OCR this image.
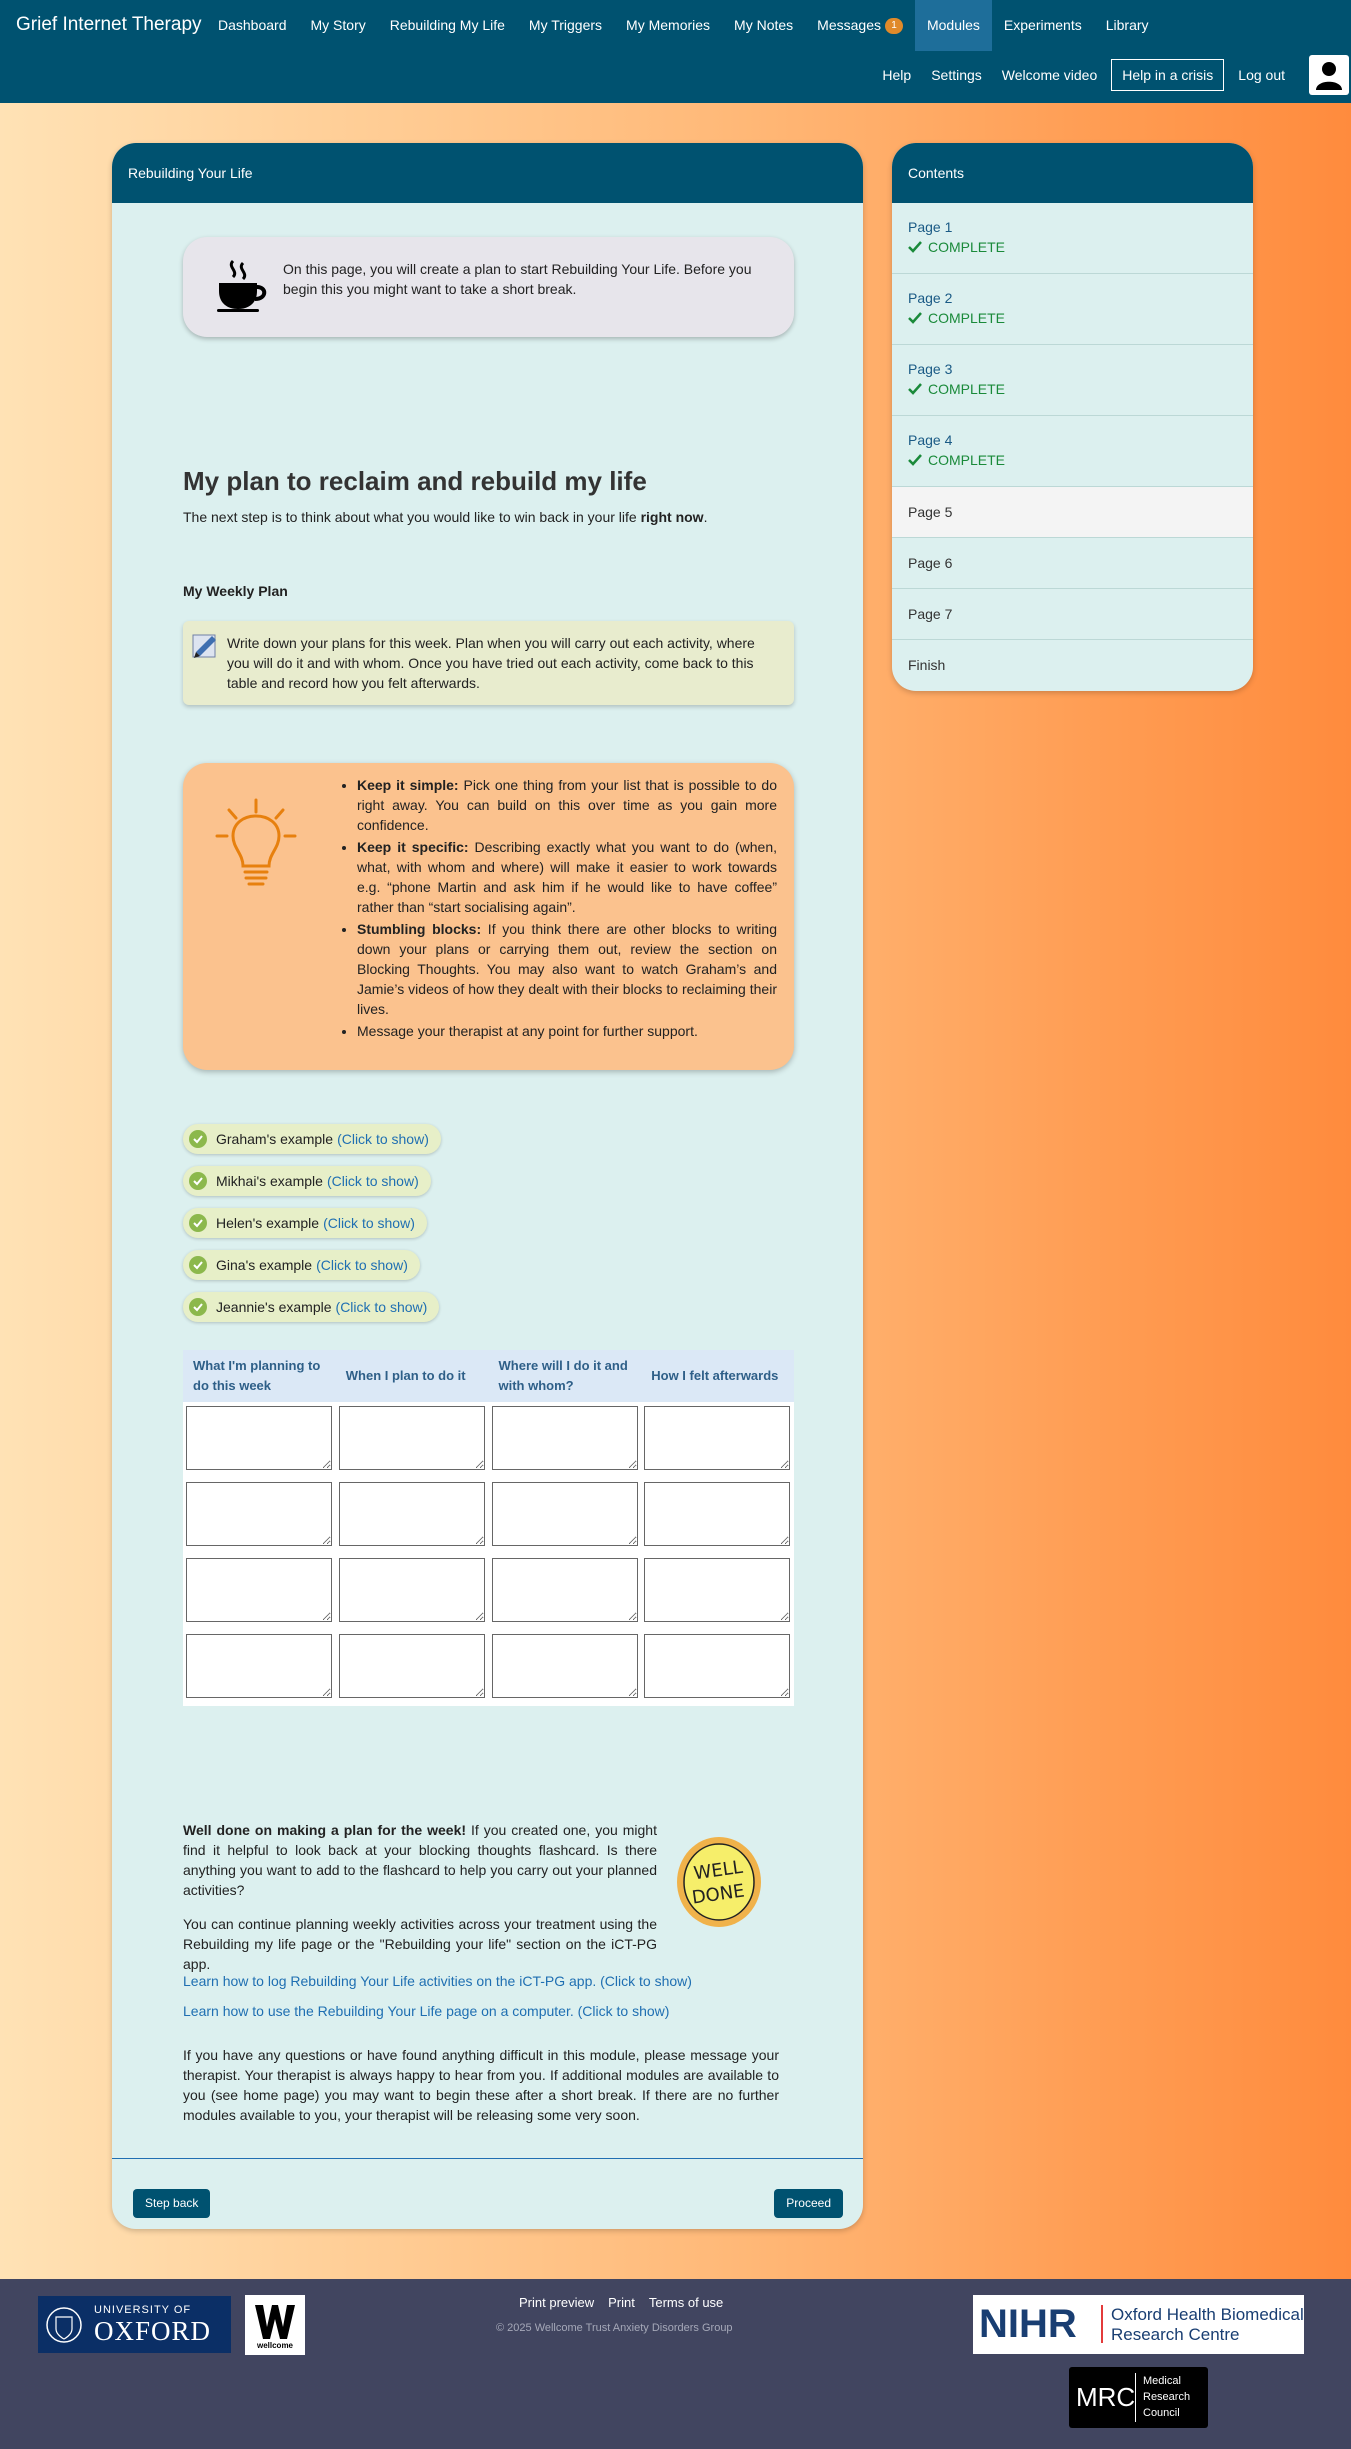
Grief Internet Therapy	Dashboard	My Story	Rebuilding My Life	My Triggers	My Memories	My Notes	Messages	1	Modules	Experiments	Library
Help	Settings	Welcome video	Help in a crisis	Log out
Rebuilding Your Life
On this page, you will create a plan to start Rebuilding Your Life. Before you begin this you might want to take a short break.
My plan to reclaim and rebuild my life
The next step is to think about what you would like to win back in your life right now.
My Weekly Plan
Write down your plans for this week. Plan when you will carry out each activity, where you will do it and with whom. Once you have tried out each activity, come back to this table and record how you felt afterwards.
• Keep it simple: Pick one thing from your list that is possible to do right away. You can build on this over time as you gain more confidence.
• Keep it specific: Describing exactly what you want to do (when, what, with whom and where) will make it easier to work towards e.g. “phone Martin and ask him if he would like to have coffee” rather than “start socialising again”.
• Stumbling blocks: If you think there are other blocks to writing down your plans or carrying them out, review the section on Blocking Thoughts. You may also want to watch Graham’s and Jamie’s videos of how they dealt with their blocks to reclaiming their lives.
• Message your therapist at any point for further support.
Graham's example (Click to show)
Mikhai's example (Click to show)
Helen's example (Click to show)
Gina's example (Click to show)
Jeannie's example (Click to show)
What I'm planning to do this week	When I plan to do it	Where will I do it and with whom?	How I felt afterwards

Well done on making a plan for the week! If you created one, you might find it helpful to look back at your blocking thoughts flashcard. Is there anything you want to add to the flashcard to help you carry out your planned activities?

You can continue planning weekly activities across your treatment using the Rebuilding my life page or the "Rebuilding your life" section on the iCT-PG app.

WELL
DONE
Learn how to log Rebuilding Your Life activities on the iCT-PG app. (Click to show)
Learn how to use the Rebuilding Your Life page on a computer. (Click to show)
If you have any questions or have found anything difficult in this module, please message your therapist. Your therapist is always happy to hear from you. If additional modules are available to you (see home page) you may want to begin these after a short break. If there are no further modules available to you, your therapist will be releasing some very soon.
Step back	Proceed
Contents
Page 1
COMPLETE
Page 2
COMPLETE
Page 3
COMPLETE
Page 4
COMPLETE
Page 5
Page 6
Page 7
Finish
UNIVERSITY OF
OXFORD	wellcome
Print preview Print Terms of use
© 2025 Wellcome Trust Anxiety Disorders Group	NIHR Oxford Health Biomedical
Research Centre
MRC
Medical
Research
Council
